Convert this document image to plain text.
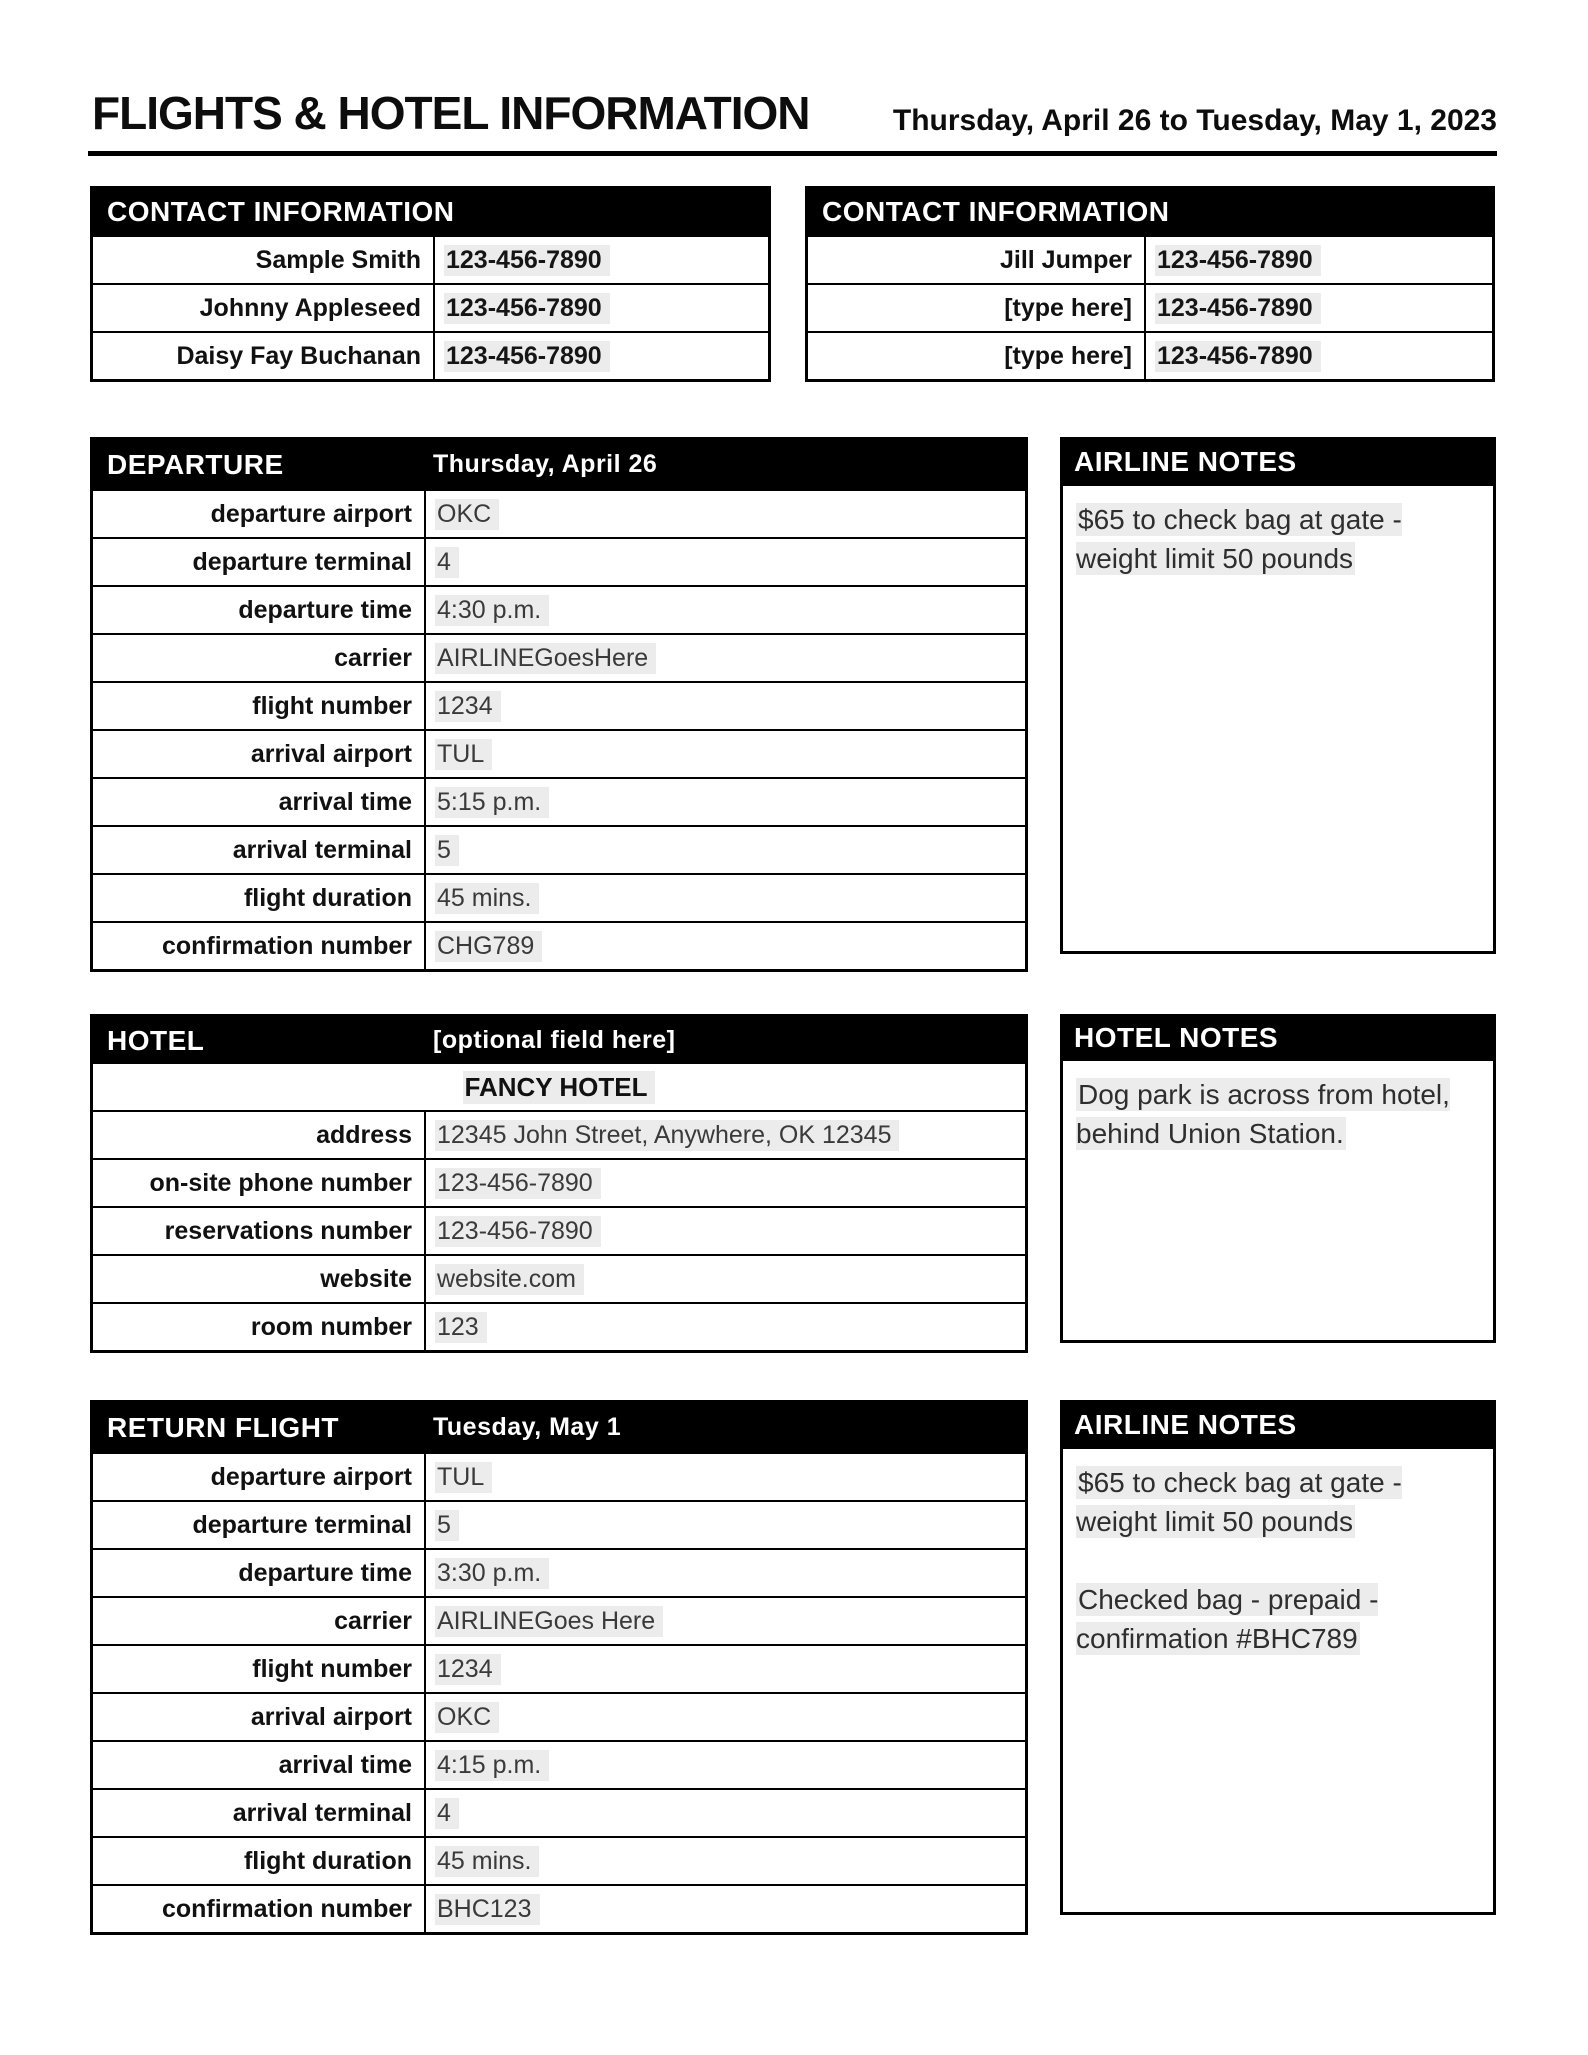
FLIGHTS & HOTEL INFORMATION	Thursday, April 26 to Tuesday, May 1, 2023
CONTACT INFORMATION
Sample Smith	123-456-7890
Johnny Appleseed	123-456-7890
Daisy Fay Buchanan	123-456-7890
CONTACT INFORMATION
Jill Jumper	123-456-7890
[type here]	123-456-7890
[type here]	123-456-7890
DEPARTURE	Thursday, April 26
departure airport	OKC
departure terminal	4
departure time	4:30 p.m.
carrier	AIRLINEGoesHere
flight number	1234
arrival airport	TUL
arrival time	5:15 p.m.
arrival terminal	5
flight duration	45 mins.
confirmation number	CHG789
AIRLINE NOTES

$65 to check bag at gate - weight limit 50 pounds

HOTEL	[optional field here]
FANCY HOTEL
address	12345 John Street, Anywhere, OK 12345
on-site phone number	123-456-7890
reservations number	123-456-7890
website	website.com
room number	123
HOTEL NOTES

Dog park is across from hotel, behind Union Station.

RETURN FLIGHT	Tuesday, May 1
departure airport	TUL
departure terminal	5
departure time	3:30 p.m.
carrier	AIRLINEGoes Here
flight number	1234
arrival airport	OKC
arrival time	4:15 p.m.
arrival terminal	4
flight duration	45 mins.
confirmation number	BHC123
AIRLINE NOTES

$65 to check bag at gate - weight limit 50 pounds

Checked bag - prepaid - confirmation #BHC789
